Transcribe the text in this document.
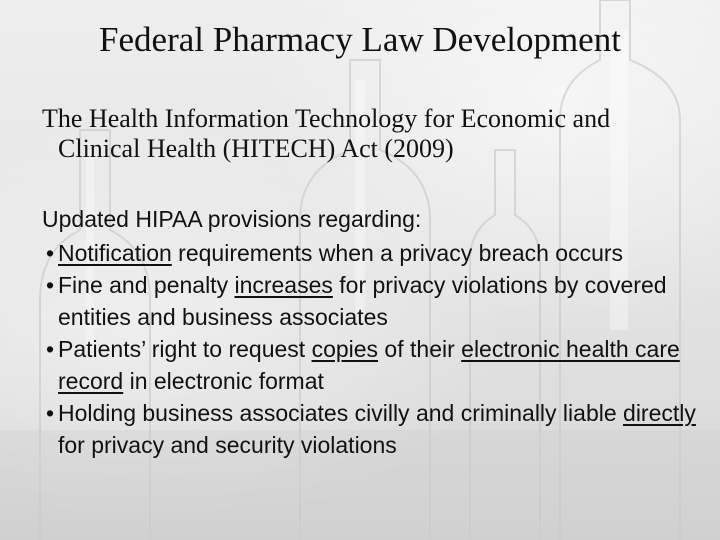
Federal Pharmacy Law Development
The Health Information Technology for Economic and Clinical Health (HITECH) Act (2009)
Updated HIPAA provisions regarding:
• Notification requirements when a privacy breach occurs
• Fine and penalty increases for privacy violations by covered entities and business associates
• Patients’ right to request copies of their electronic health care record in electronic format
• Holding business associates civilly and criminally liable directly for privacy and security violations
